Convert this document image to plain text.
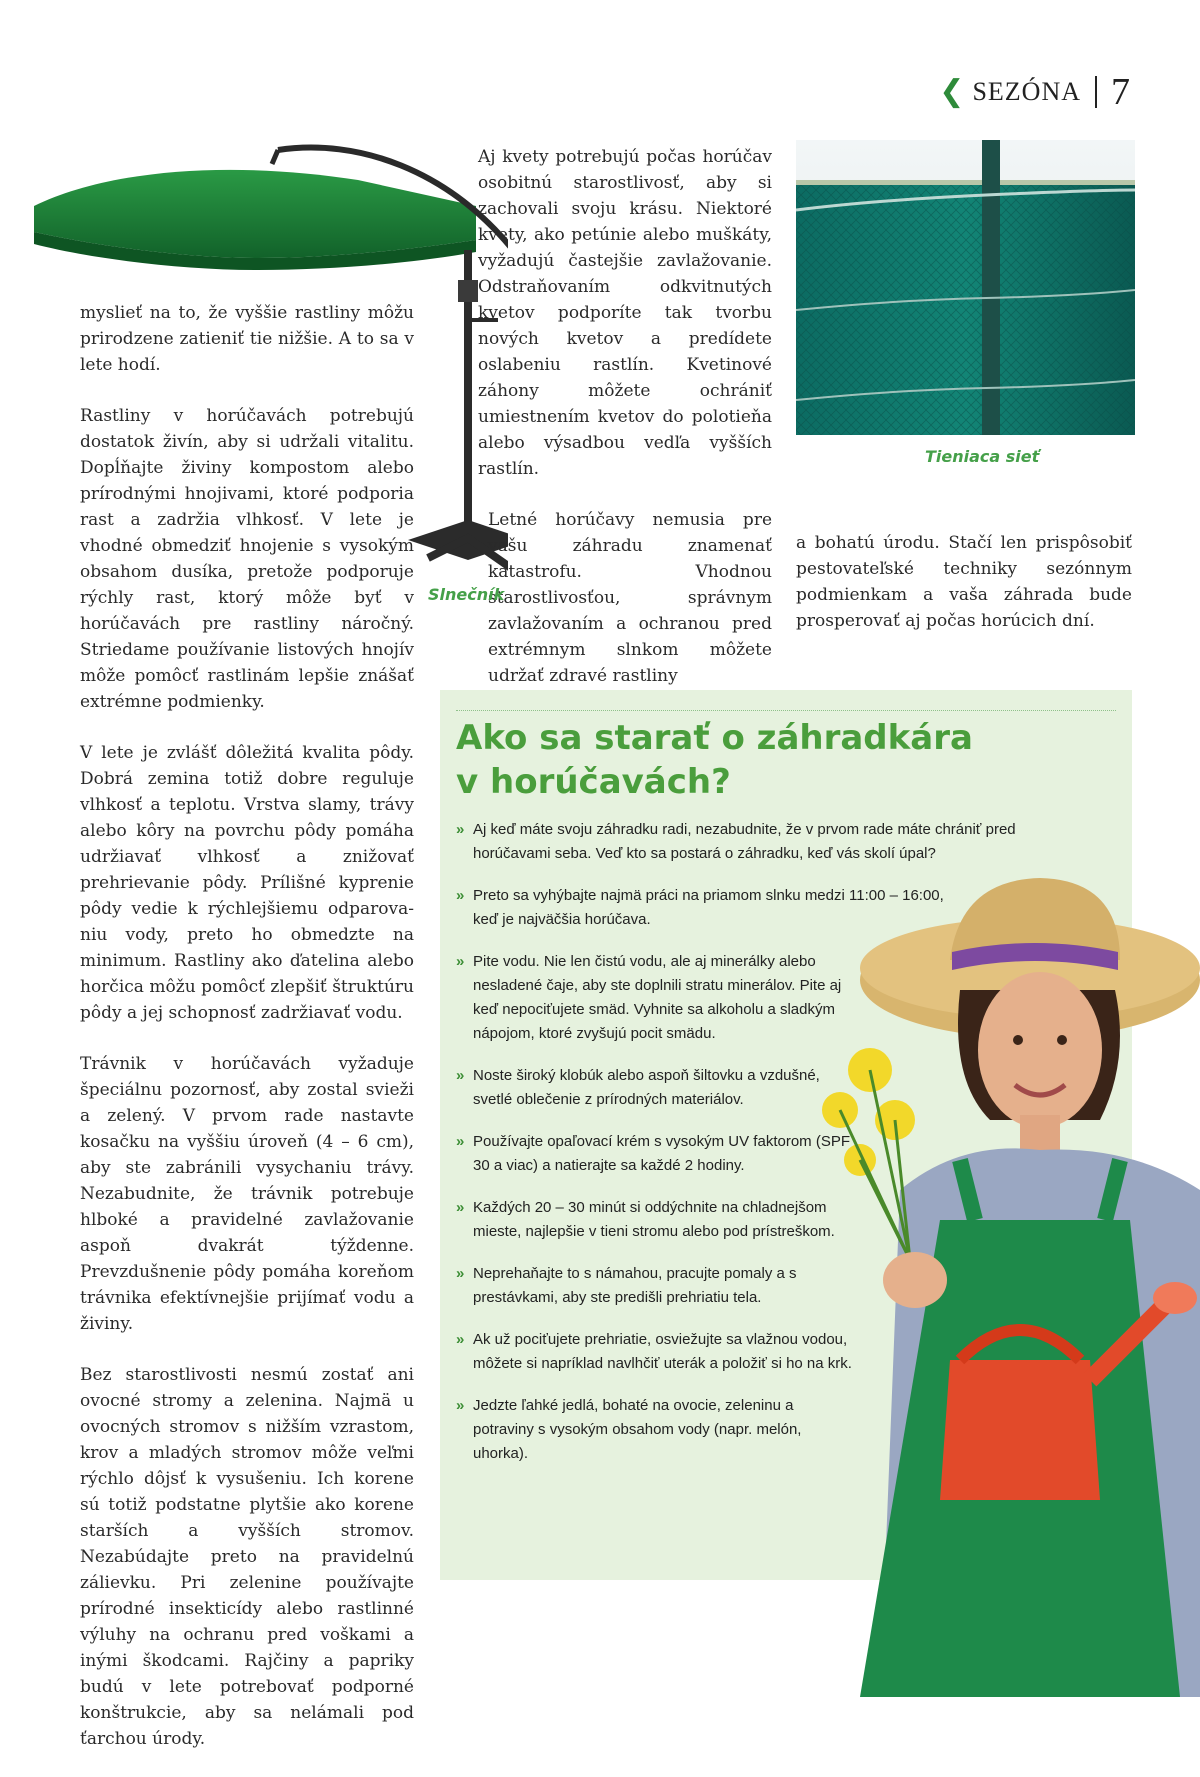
❮ SEZÓNA 7
Tieniaca sieť

myslieť na to, že vyššie rastliny môžu prirodzene zatieniť tie nižšie. A to sa v lete hodí.

Rastliny v horúčavách potrebujú dostatok živín, aby si udržali vitalitu. Dopĺňajte živiny kompostom alebo prírodnými hnojivami, ktoré podporia rast a zadržia vlhkosť. V lete je vhodné obmedziť hnojenie s vysokým obsahom dusíka, pretože podporuje rýchly rast, ktorý môže byť v horúčavách pre rastliny náročný. Striedame používanie listových hnojív môže pomôcť rastlinám lepšie znášať extrémne podmienky.

V lete je zvlášť dôležitá kvalita pôdy. Dobrá zemina totiž dobre reguluje vlhkosť a teplotu. Vrstva slamy, trávy alebo kôry na povrchu pôdy pomáha udržiavať vlhkosť a znižovať prehrievanie pôdy. Prílišné kyprenie pôdy vedie k rýchlejšiemu odparovaniu vody, preto ho obmedzte na minimum. Rastliny ako ďatelina alebo horčica môžu pomôcť zlepšiť štruktúru pôdy a jej schopnosť zadržiavať vodu.

Trávnik v horúčavách vyžaduje špeciálnu pozornosť, aby zostal svieži a zelený. V prvom rade nastavte kosačku na vyššiu úroveň (4 – 6 cm), aby ste zabránili vysychaniu trávy. Nezabudnite, že trávnik potrebuje hlboké a pravidelné zavlažovanie aspoň dvakrát týždenne. Prevzdušnenie pôdy pomáha koreňom trávnika efektívnejšie prijímať vodu a živiny.

Bez starostlivosti nesmú zostať ani ovocné stromy a zelenina. Najmä u ovocných stromov s nižším vzrastom, krov a mladých stromov môže veľmi rýchlo dôjsť k vysušeniu. Ich korene sú totiž podstatne plytšie ako korene starších a vyšších stromov. Nezabúdajte preto na pravidelnú zálievku. Pri zelenine používajte prírodné insekticídy alebo rastlinné výluhy na ochranu pred voškami a inými škodcami. Rajčiny a papriky budú v lete potrebovať podporné konštrukcie, aby sa nelámali pod ťarchou úrody.

Aj kvety potrebujú počas horúčav osobitnú starostlivosť, aby si zachovali svoju krásu. Niektoré kvety, ako petúnie alebo muškáty, vyžadujú častejšie zavlažovanie. Odstraňovaním odkvitnutých kvetov podporíte tak tvorbu nových kvetov a predídete oslabeniu rastlín. Kvetinové záhony môžete ochrániť umiestnením kvetov do polotieňa alebo výsadbou vedľa vyšších rastlín.

Letné horúčavy nemusia pre vašu záhradu znamenať katastrofu. Vhodnou starostlivosťou, správnym zavlažovaním a ochranou pred extrémnym slnkom môžete udržať zdravé rastliny

Slnečník

a bohatú úrodu. Stačí len prispôsobiť pestovateľské techniky sezónnym podmienkam a vaša záhrada bude prosperovať aj počas horúcich dní.

Ako sa starať o záhradkára v horúčavách?
» Aj keď máte svoju záhradku radi, nezabudnite, že v prvom rade máte chrániť pred horúčavami seba. Veď kto sa postará o záhradku, keď vás skolí úpal?
» Preto sa vyhýbajte najmä práci na priamom slnku medzi 11:00 – 16:00, keď je najväčšia horúčava.
» Pite vodu. Nie len čistú vodu, ale aj minerálky alebo nesladené čaje, aby ste doplnili stratu minerálov. Pite aj keď nepociťujete smäd. Vyhnite sa alkoholu a sladkým nápojom, ktoré zvyšujú pocit smädu.
» Noste široký klobúk alebo aspoň šiltovku a vzdušné, svetlé oblečenie z prírodných materiálov.
» Používajte opaľovací krém s vysokým UV faktorom (SPF 30 a viac) a natierajte sa každé 2 hodiny.
» Každých 20 – 30 minút si oddýchnite na chladnejšom mieste, najlepšie v tieni stromu alebo pod prístreškom.
» Neprehaňajte to s námahou, pracujte pomaly a s prestávkami, aby ste predišli prehriatiu tela.
» Ak už pociťujete prehriatie, osviežujte sa vlažnou vodou, môžete si napríklad navlhčiť uterák a položiť si ho na krk.
» Jedzte ľahké jedlá, bohaté na ovocie, zeleninu a potraviny s vysokým obsahom vody (napr. melón, uhorka).
